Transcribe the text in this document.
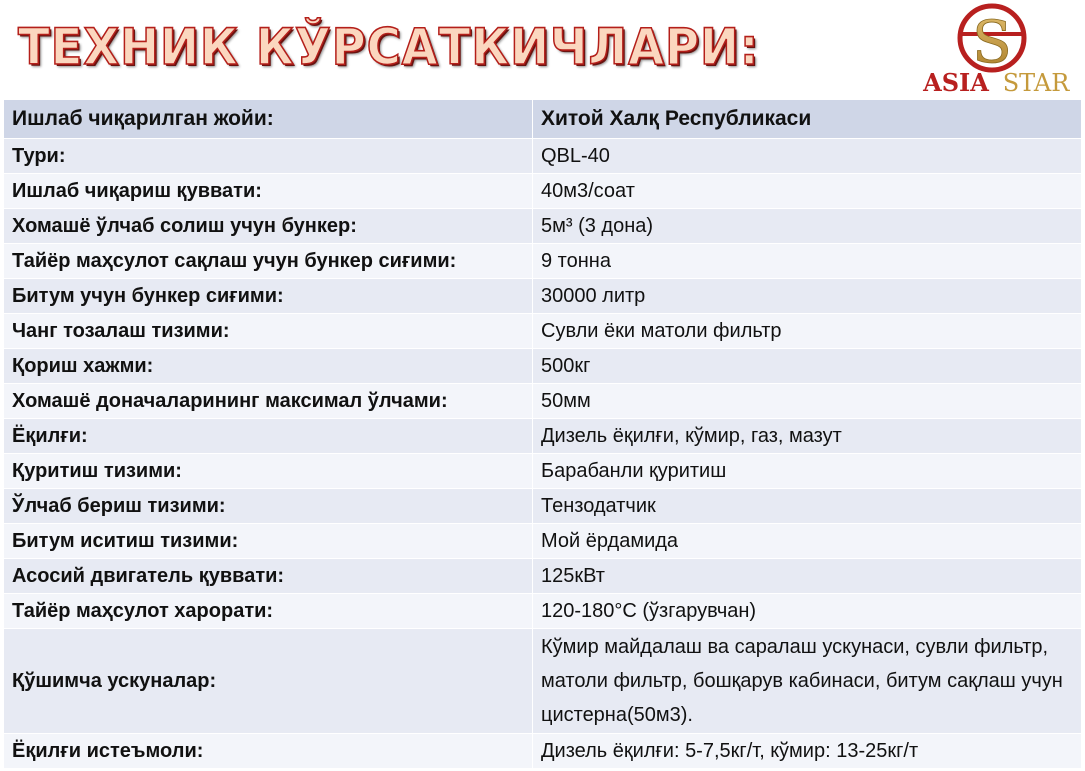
ТЕХНИК КЎРСАТКИЧЛАРИ:	S
ASIA STAR
Ишлаб чиқарилган жойи:	Хитой Халқ Республикаси
Тури:	QBL-40
Ишлаб чиқариш қуввати:	40м3/соат
Хомашё ўлчаб солиш учун бункер:	5м³ (3 дона)
Тайёр маҳсулот сақлаш учун бункер сиғими:	9 тонна
Битум учун бункер сиғими:	30000 литр
Чанг тозалаш тизими:	Сувли ёки матоли фильтр
Қориш хажми:	500кг
Хомашё доначаларининг максимал ўлчами:	50мм
Ёқилғи:	Дизель ёқилғи, кўмир, газ, мазут
Қуритиш тизими:	Барабанли қуритиш
Ўлчаб бериш тизими:	Тензодатчик
Битум иситиш тизими:	Мой ёрдамида
Асосий двигатель қуввати:	125кВт
Тайёр маҳсулот харорати:	120-180°С (ўзгарувчан)
Қўшимча ускуналар:	Кўмир майдалаш ва саралаш ускунаси, сувли фильтр, матоли фильтр, бошқарув кабинаси, битум сақлаш учун цистерна(50м3).
Ёқилғи истеъмоли:	Дизель ёқилғи: 5-7,5кг/т, кўмир: 13-25кг/т
